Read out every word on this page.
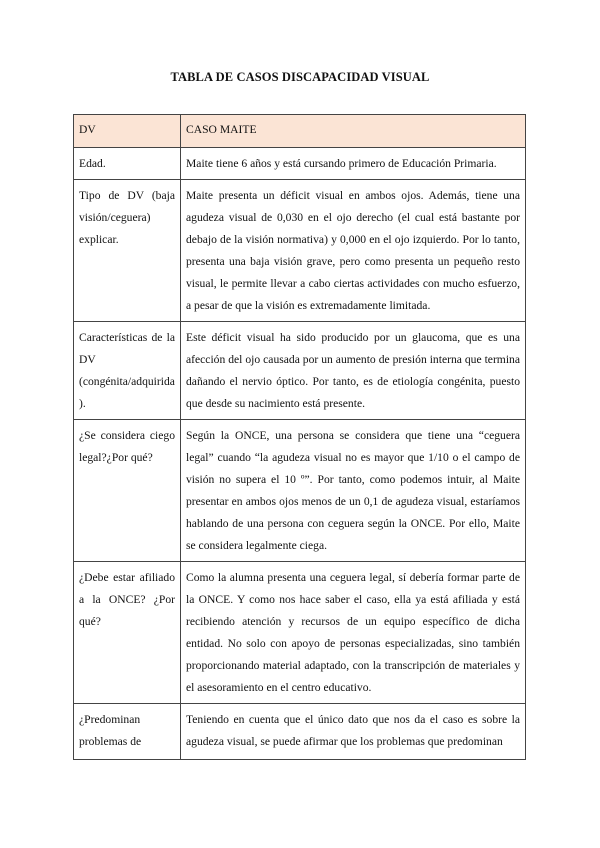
TABLA DE CASOS DISCAPACIDAD VISUAL
DV	CASO MAITE
Edad.	Maite tiene 6 años y está cursando primero de Educación Primaria.
Tipo de DV (baja visión/ceguera) explicar.	Maite presenta un déficit visual en ambos ojos. Además, tiene una agudeza visual de 0,030 en el ojo derecho (el cual está bastante por debajo de la visión normativa) y 0,000 en el ojo izquierdo. Por lo tanto, presenta una baja visión grave, pero como presenta un pequeño resto visual, le permite llevar a cabo ciertas actividades con mucho esfuerzo, a pesar de que la visión es extremadamente limitada.
Características de la DV (congénita/adquirida).	Este déficit visual ha sido producido por un glaucoma, que es una afección del ojo causada por un aumento de presión interna que termina dañando el nervio óptico. Por tanto, es de etiología congénita, puesto que desde su nacimiento está presente.
¿Se considera ciego legal?¿Por qué?	Según la ONCE, una persona se considera que tiene una “ceguera legal” cuando “la agudeza visual no es mayor que 1/10 o el campo de visión no supera el 10 º”. Por tanto, como podemos intuir, al Maite presentar en ambos ojos menos de un 0,1 de agudeza visual, estaríamos hablando de una persona con ceguera según la ONCE. Por ello, Maite se considera legalmente ciega.
¿Debe estar afiliado a la ONCE? ¿Por qué?	Como la alumna presenta una ceguera legal, sí debería formar parte de la ONCE. Y como nos hace saber el caso, ella ya está afiliada y está recibiendo atención y recursos de un equipo específico de dicha entidad. No solo con apoyo de personas especializadas, sino también proporcionando material adaptado, con la transcripción de materiales y el asesoramiento en el centro educativo.

¿Predominan problemas de	Teniendo en cuenta que el único dato que nos da el caso es sobre la agudeza visual, se puede afirmar que los problemas que predominan
